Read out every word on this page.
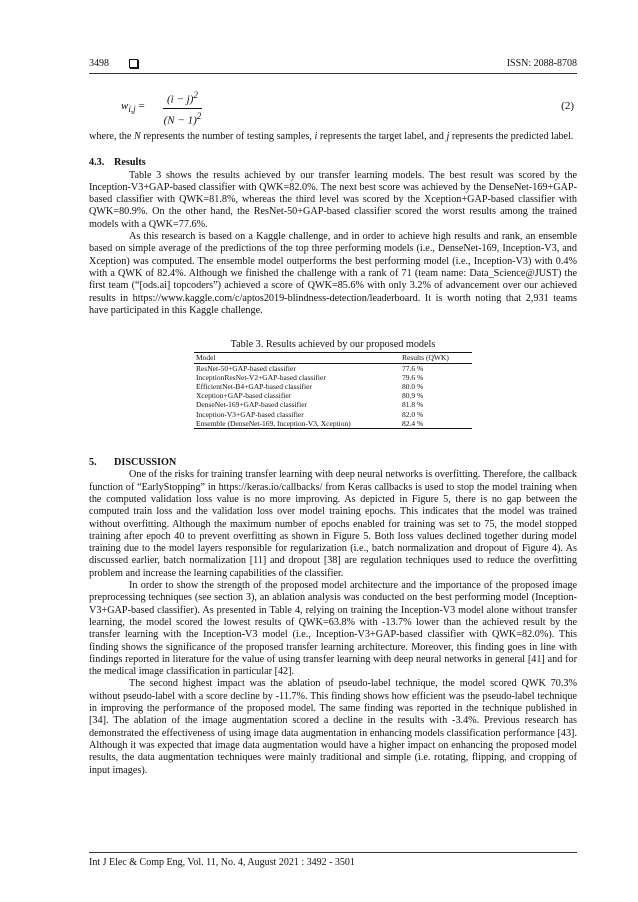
3498	ISSN: 2088-8708
$w_{i,j} = \frac{(i - j)^2}{(N - 1)^2}$	(2)

where, the N represents the number of testing samples, i represents the target label, and j represents the predicted label.

4.3. Results

Table 3 shows the results achieved by our transfer learning models. The best result was scored by the Inception-V3+GAP-based classifier with QWK=82.0%. The next best score was achieved by the DenseNet-169+GAP-based classifier with QWK=81.8%, whereas the third level was scored by the Xception+GAP-based classifier with QWK=80.9%. On the other hand, the ResNet-50+GAP-based classifier scored the worst results among the trained models with a QWK=77.6%.

As this research is based on a Kaggle challenge, and in order to achieve high results and rank, an ensemble based on simple average of the predictions of the top three performing models (i.e., DenseNet-169, Inception-V3, and Xception) was computed. The ensemble model outperforms the best performing model (i.e., Inception-V3) with 0.4% with a QWK of 82.4%. Although we finished the challenge with a rank of 71 (team name: Data_Science@JUST) the first team (“[ods.ai] topcoders”) achieved a score of QWK=85.6% with only 3.2% of advancement over our achieved results in https://www.kaggle.com/c/aptos2019-blindness-detection/leaderboard. It is worth noting that 2,931 teams have participated in this Kaggle challenge.

Table 3. Results achieved by our proposed models
Model	Results (QWK)
ResNet-50+GAP-based classifier	77.6 %
InceptionResNet-V2+GAP-based classifier	79.6 %
EfficientNet-B4+GAP-based classifier	80.0 %
Xception+GAP-based classifier	80.9 %
DenseNet-169+GAP-based classifier	81.8 %
Inception-V3+GAP-based classifier	82.0 %
Ensemble (DenseNet-169, Inception-V3, Xception)	82.4 %
5. DISCUSSION

One of the risks for training transfer learning with deep neural networks is overfitting. Therefore, the callback function of “EarlyStopping” in https://keras.io/callbacks/ from Keras callbacks is used to stop the model training when the computed validation loss value is no more improving. As depicted in Figure 5, there is no gap between the computed train loss and the validation loss over model training epochs. This indicates that the model was trained without overfitting. Although the maximum number of epochs enabled for training was set to 75, the model stopped training after epoch 40 to prevent overfitting as shown in Figure 5. Both loss values declined together during model training due to the model layers responsible for regularization (i.e., batch normalization and dropout of Figure 4). As discussed earlier, batch normalization [11] and dropout [38] are regulation techniques used to reduce the overfitting problem and increase the learning capabilities of the classifier.

In order to show the strength of the proposed model architecture and the importance of the proposed image preprocessing techniques (see section 3), an ablation analysis was conducted on the best performing model (Inception-V3+GAP-based classifier). As presented in Table 4, relying on training the Inception-V3 model alone without transfer learning, the model scored the lowest results of QWK=63.8% with -13.7% lower than the achieved result by the transfer learning with the Inception-V3 model (i.e., Inception-V3+GAP-based classifier with QWK=82.0%). This finding shows the significance of the proposed transfer learning architecture. Moreover, this finding goes in line with findings reported in literature for the value of using transfer learning with deep neural networks in general [41] and for the medical image classification in particular [42].

The second highest impact was the ablation of pseudo-label technique, the model scored QWK 70.3% without pseudo-label with a score decline by -11.7%. This finding shows how efficient was the pseudo-label technique in improving the performance of the proposed model. The same finding was reported in the technique published in [34]. The ablation of the image augmentation scored a decline in the results with -3.4%. Previous research has demonstrated the effectiveness of using image data augmentation in enhancing models classification performance [43]. Although it was expected that image data augmentation would have a higher impact on enhancing the proposed model results, the data augmentation techniques were mainly traditional and simple (i.e. rotating, flipping, and cropping of input images).

Int J Elec & Comp Eng, Vol. 11, No. 4, August 2021 : 3492 - 3501
